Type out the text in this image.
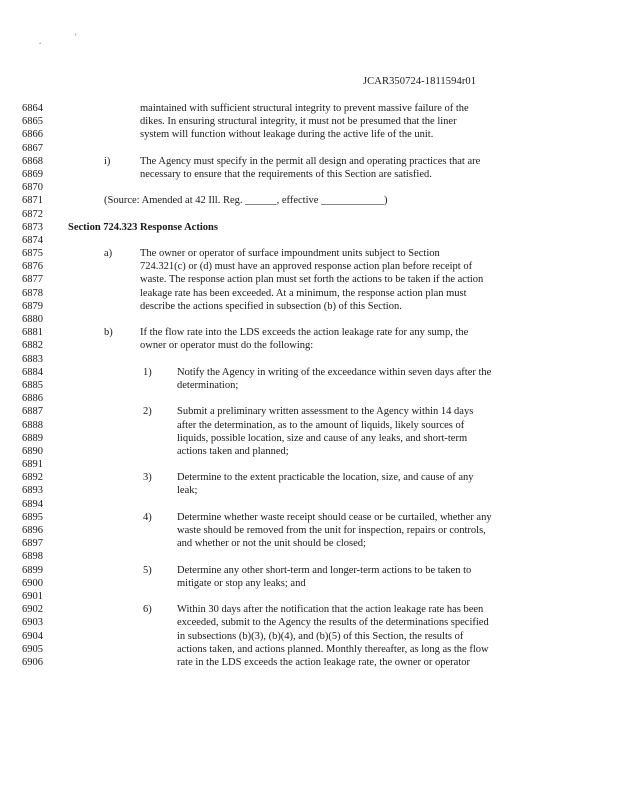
.	'
JCAR350724-1811594r01
6864	maintained with sufficient structural integrity to prevent massive failure of the
6865	dikes. In ensuring structural integrity, it must not be presumed that the liner
6866	system will function without leakage during the active life of the unit.
6867
6868	i)	The Agency must specify in the permit all design and operating practices that are
6869	necessary to ensure that the requirements of this Section are satisfied.
6870
6871	(Source: Amended at 42 Ill. Reg. ______, effective ____________)
6872
6873 Section 724.323 Response Actions
6874
6875	a)	The owner or operator of surface impoundment units subject to Section
6876	724.321(c) or (d) must have an approved response action plan before receipt of
6877	waste. The response action plan must set forth the actions to be taken if the action
6878	leakage rate has been exceeded. At a minimum, the response action plan must
6879	describe the actions specified in subsection (b) of this Section.
6880
6881	b)	If the flow rate into the LDS exceeds the action leakage rate for any sump, the
6882	owner or operator must do the following:
6883
6884	1) Notify the Agency in writing of the exceedance within seven days after the
6885	determination;
6886
6887	2) Submit a preliminary written assessment to the Agency within 14 days
6888	after the determination, as to the amount of liquids, likely sources of
6889	liquids, possible location, size and cause of any leaks, and short-term
6890	actions taken and planned;
6891
6892	3) Determine to the extent practicable the location, size, and cause of any
6893	leak;
6894
6895	4) Determine whether waste receipt should cease or be curtailed, whether any
6896	waste should be removed from the unit for inspection, repairs or controls,
6897	and whether or not the unit should be closed;
6898
6899	5) Determine any other short-term and longer-term actions to be taken to
6900	mitigate or stop any leaks; and
6901
6902	6) Within 30 days after the notification that the action leakage rate has been
6903	exceeded, submit to the Agency the results of the determinations specified
6904	in subsections (b)(3), (b)(4), and (b)(5) of this Section, the results of
6905	actions taken, and actions planned. Monthly thereafter, as long as the flow
6906	rate in the LDS exceeds the action leakage rate, the owner or operator
